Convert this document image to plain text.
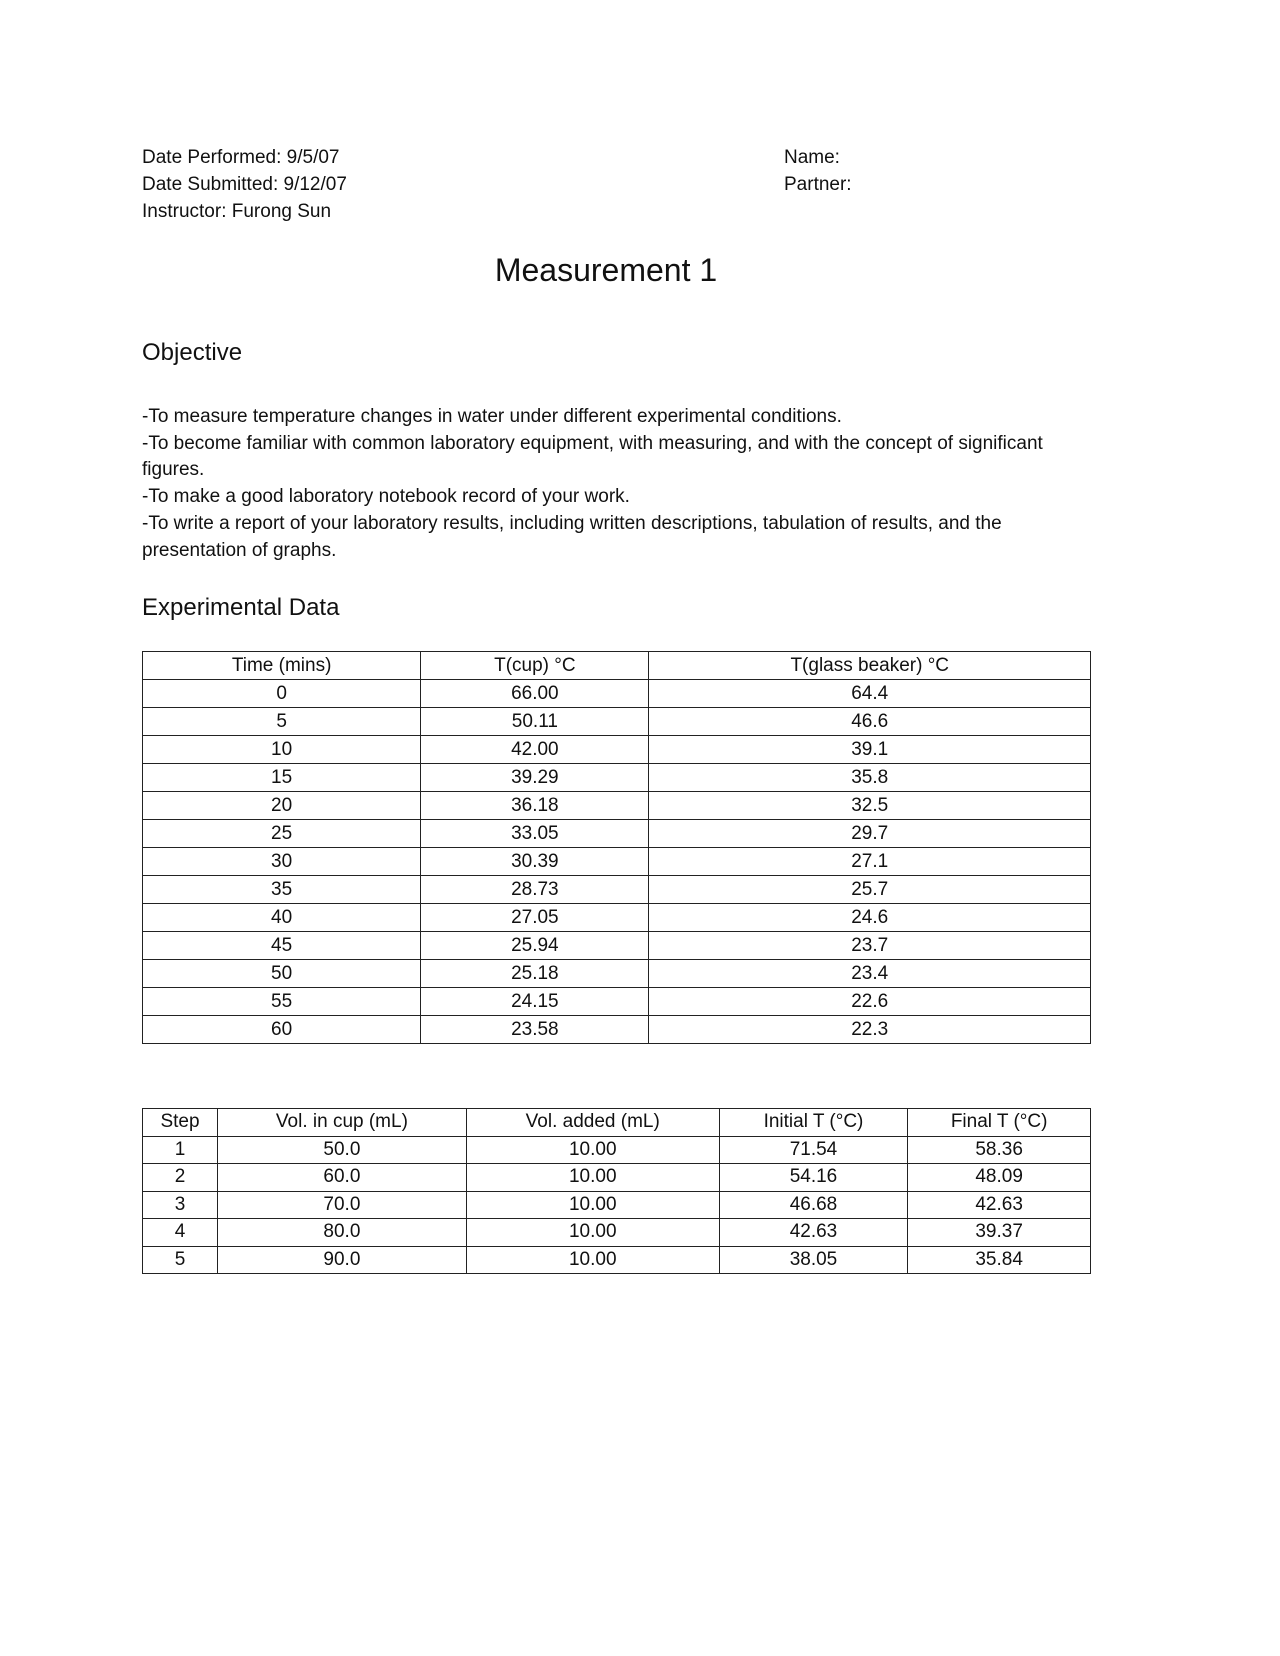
Date Performed: 9/5/07
Date Submitted: 9/12/07
Instructor: Furong Sun
Name:
Partner:
Measurement 1
Objective
-To measure temperature changes in water under different experimental conditions.
-To become familiar with common laboratory equipment, with measuring, and with the concept of significant figures.
-To make a good laboratory notebook record of your work.
-To write a report of your laboratory results, including written descriptions, tabulation of results, and the presentation of graphs.
Experimental Data
Time (mins)	T(cup) °C	T(glass beaker) °C
0	66.00	64.4
5	50.11	46.6
10	42.00	39.1
15	39.29	35.8
20	36.18	32.5
25	33.05	29.7
30	30.39	27.1
35	28.73	25.7
40	27.05	24.6
45	25.94	23.7
50	25.18	23.4
55	24.15	22.6
60	23.58	22.3
Step	Vol. in cup (mL)	Vol. added (mL)	Initial T (°C)	Final T (°C)
1	50.0	10.00	71.54	58.36
2	60.0	10.00	54.16	48.09
3	70.0	10.00	46.68	42.63
4	80.0	10.00	42.63	39.37
5	90.0	10.00	38.05	35.84
